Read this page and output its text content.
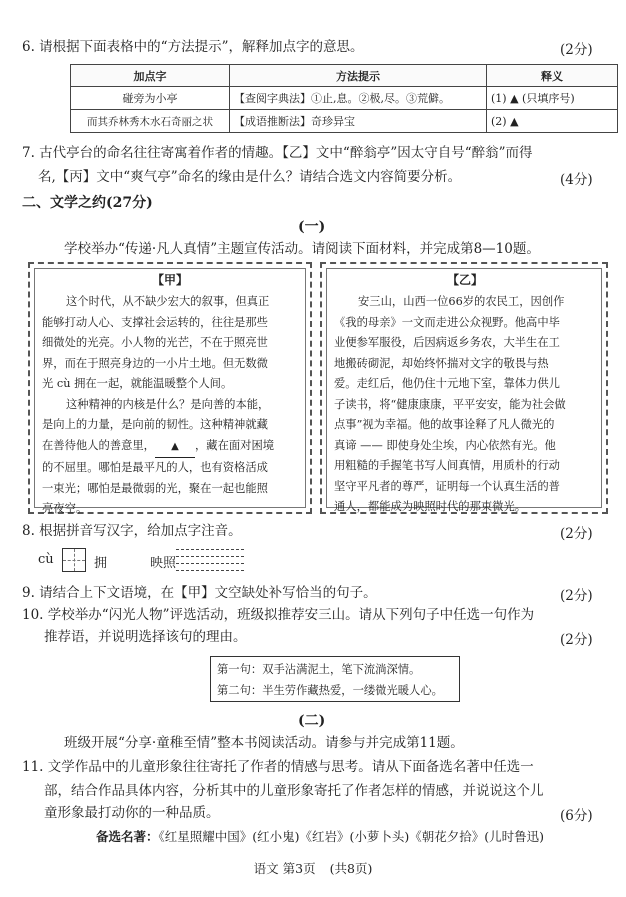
6. 请根据下面表格中的“方法提示”，解释加点字的意思。	(2分)
加点字	方法提示	释义
碰旁为小亭	【查阅字典法】①止,息。②极,尽。③荒僻。	(1) ▲ (只填序号)
而其乔林秀木水石奇丽之状	【成语推断法】奇珍异宝	(2) ▲
7. 古代亭台的命名往往寄寓着作者的情趣。【乙】文中“醉翁亭”因太守自号“醉翁”而得
名,【丙】文中“爽气亭”命名的缘由是什么？请结合选文内容简要分析。	(4分)
二、文学之约(27分)
(一)
学校举办“传递·凡人真情”主题宣传活动。请阅读下面材料，并完成第8—10题。
【甲】
这个时代，从不缺少宏大的叙事，但真正
能够打动人心、支撑社会运转的，往往是那些
细微处的光亮。小人物的光芒，不在于照亮世
界，而在于照亮身边的一小片土地。但无数微
光 cù 拥在一起，就能温暖整个人间。
这种精神的内核是什么？是向善的本能，
是向上的力量，是向前的韧性。这种精神就藏
在善待他人的善意里， ▲ ，藏在面对困境
的不屈里。哪怕是最平凡的人，也有资格活成
一束光；哪怕是最微弱的光，聚在一起也能照
亮夜空。
【乙】
安三山，山西一位66岁的农民工，因创作
《我的母亲》一文而走进公众视野。他高中毕
业便参军服役，后因病返乡务农，大半生在工
地搬砖砌泥，却始终怀揣对文字的敬畏与热
爱。走红后，他仍住十元地下室，靠体力供儿
子读书，将“健康康康，平平安安，能为社会做
点事”视为幸福。他的故事诠释了凡人微光的
真谛 —— 即使身处尘埃，内心依然有光。他
用粗糙的手握笔书写人间真情，用质朴的行动
坚守平凡者的尊严，证明每一个认真生活的普
通人，都能成为映照时代的那束微光。
8. 根据拼音写汉字，给加点字注音。	(2分)
cù	拥	映照
9. 请结合上下文语境，在【甲】文空缺处补写恰当的句子。	(2分)
10. 学校举办“闪光人物”评选活动，班级拟推荐安三山。请从下列句子中任选一句作为
推荐语，并说明选择该句的理由。	(2分)
第一句：双手沾满泥土，笔下流淌深情。
第二句：半生劳作藏热爱，一缕微光暖人心。
(二)
班级开展“分享·童稚至情”整本书阅读活动。请参与并完成第11题。
11. 文学作品中的儿童形象往往寄托了作者的情感与思考。请从下面备选名著中任选一
部，结合作品具体内容，分析其中的儿童形象寄托了作者怎样的情感，并说说这个儿
童形象最打动你的一种品质。	(6分)
备选名著：《红星照耀中国》(红小鬼)《红岩》(小萝卜头)《朝花夕拾》(儿时鲁迅)
语文 第3页 (共8页)
